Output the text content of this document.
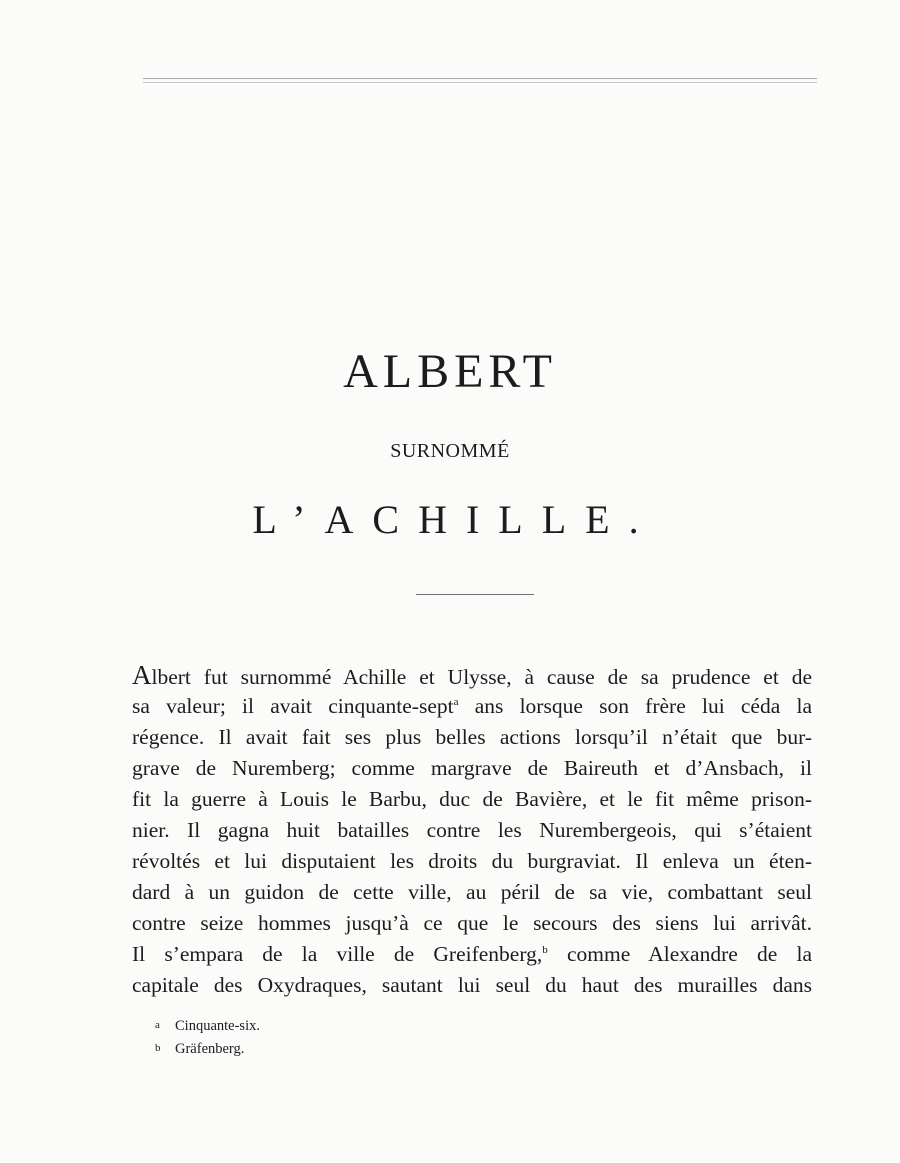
ALBERT
SURNOMMÉ
L’ACHILLE.
Albert fut surnommé Achille et Ulysse, à cause de sa prudence et de
sa valeur; il avait cinquante-sept$^a$ ans lorsque son frère lui céda la
régence. Il avait fait ses plus belles actions lorsqu’il n’était que bur-
grave de Nuremberg; comme margrave de Baireuth et d’Ansbach, il
fit la guerre à Louis le Barbu, duc de Bavière, et le fit même prison-
nier. Il gagna huit batailles contre les Nurembergeois, qui s’étaient
révoltés et lui disputaient les droits du burgraviat. Il enleva un éten-
dard à un guidon de cette ville, au péril de sa vie, combattant seul
contre seize hommes jusqu’à ce que le secours des siens lui arrivât.
Il s’empara de la ville de Greifenberg,$^b$ comme Alexandre de la
capitale des Oxydraques, sautant lui seul du haut des murailles dans
a Cinquante-six.
b Gräfenberg.
